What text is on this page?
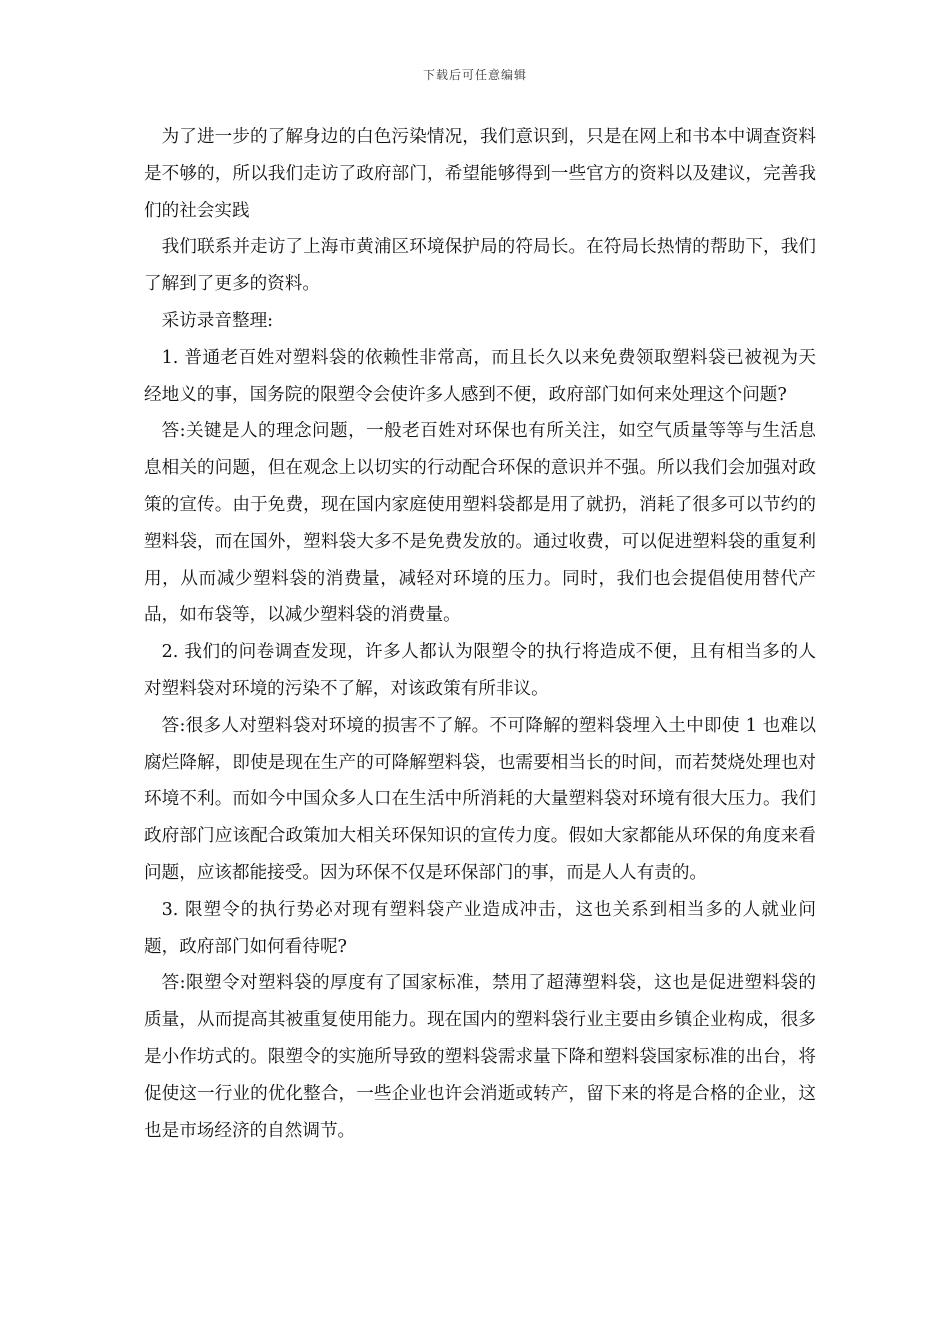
下载后可任意编辑

为了进一步的了解身边的白色污染情况，我们意识到，只是在网上和书本中调查资料是不够的，所以我们走访了政府部门，希望能够得到一些官方的资料以及建议，完善我们的社会实践

我们联系并走访了上海市黄浦区环境保护局的符局长。在符局长热情的帮助下，我们了解到了更多的资料。

采访录音整理:

1. 普通老百姓对塑料袋的依赖性非常高，而且长久以来免费领取塑料袋已被视为天经地义的事，国务院的限塑令会使许多人感到不便，政府部门如何来处理这个问题?

答:关键是人的理念问题，一般老百姓对环保也有所关注，如空气质量等等与生活息息相关的问题，但在观念上以切实的行动配合环保的意识并不强。所以我们会加强对政策的宣传。由于免费，现在国内家庭使用塑料袋都是用了就扔，消耗了很多可以节约的塑料袋，而在国外，塑料袋大多不是免费发放的。通过收费，可以促进塑料袋的重复利用，从而减少塑料袋的消费量，减轻对环境的压力。同时，我们也会提倡使用替代产品，如布袋等，以减少塑料袋的消费量。

2. 我们的问卷调查发现，许多人都认为限塑令的执行将造成不便，且有相当多的人对塑料袋对环境的污染不了解，对该政策有所非议。

答:很多人对塑料袋对环境的损害不了解。不可降解的塑料袋埋入土中即使 1 也难以腐烂降解，即使是现在生产的可降解塑料袋，也需要相当长的时间，而若焚烧处理也对环境不利。而如今中国众多人口在生活中所消耗的大量塑料袋对环境有很大压力。我们政府部门应该配合政策加大相关环保知识的宣传力度。假如大家都能从环保的角度来看问题，应该都能接受。因为环保不仅是环保部门的事，而是人人有责的。

3. 限塑令的执行势必对现有塑料袋产业造成冲击，这也关系到相当多的人就业问题，政府部门如何看待呢?

答:限塑令对塑料袋的厚度有了国家标准，禁用了超薄塑料袋，这也是促进塑料袋的质量，从而提高其被重复使用能力。现在国内的塑料袋行业主要由乡镇企业构成，很多是小作坊式的。限塑令的实施所导致的塑料袋需求量下降和塑料袋国家标准的出台，将促使这一行业的优化整合，一些企业也许会消逝或转产，留下来的将是合格的企业，这也是市场经济的自然调节。
